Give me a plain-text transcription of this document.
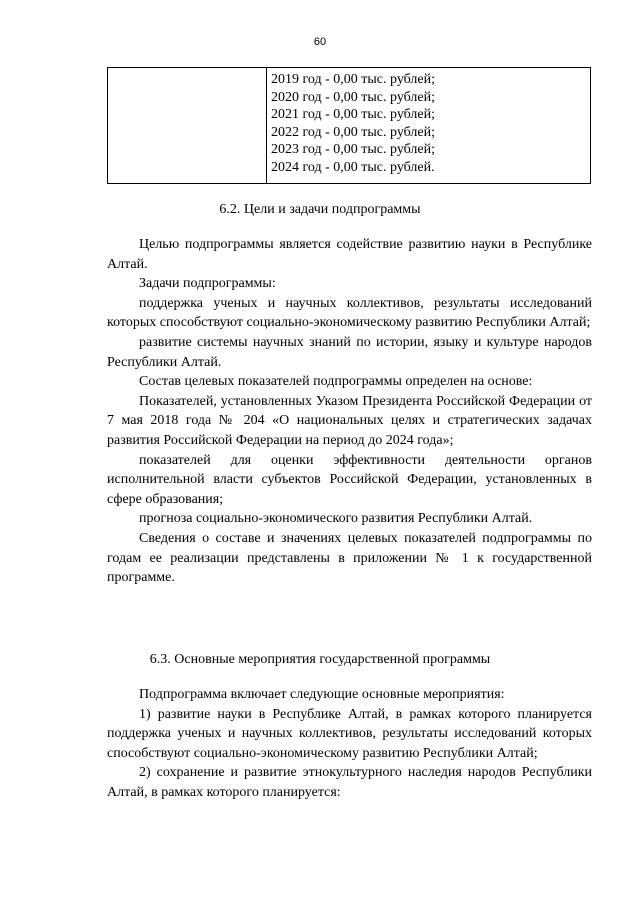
60

2019 год - 0,00 тыс. рублей;
2020 год - 0,00 тыс. рублей;
2021 год - 0,00 тыс. рублей;
2022 год - 0,00 тыс. рублей;
2023 год - 0,00 тыс. рублей;
2024 год - 0,00 тыс. рублей.
6.2. Цели и задачи подпрограммы

Целью подпрограммы является содействие развитию науки в Республике Алтай.

Задачи подпрограммы:

поддержка ученых и научных коллективов, результаты исследований которых способствуют социально-экономическому развитию Республики Алтай;

развитие системы научных знаний по истории, языку и культуре народов Республики Алтай.

Состав целевых показателей подпрограммы определен на основе:

Показателей, установленных Указом Президента Российской Федерации от 7 мая 2018 года № 204 «О национальных целях и стратегических задачах развития Российской Федерации на период до 2024 года»;

показателей для оценки эффективности деятельности органов исполнительной власти субъектов Российской Федерации, установленных в сфере образования;

прогноза социально-экономического развития Республики Алтай.

Сведения о составе и значениях целевых показателей подпрограммы по годам ее реализации представлены в приложении № 1 к государственной программе.

6.3. Основные мероприятия государственной программы

Подпрограмма включает следующие основные мероприятия:

1) развитие науки в Республике Алтай, в рамках которого планируется поддержка ученых и научных коллективов, результаты исследований которых способствуют социально-экономическому развитию Республики Алтай;

2) сохранение и развитие этнокультурного наследия народов Республики Алтай, в рамках которого планируется:
